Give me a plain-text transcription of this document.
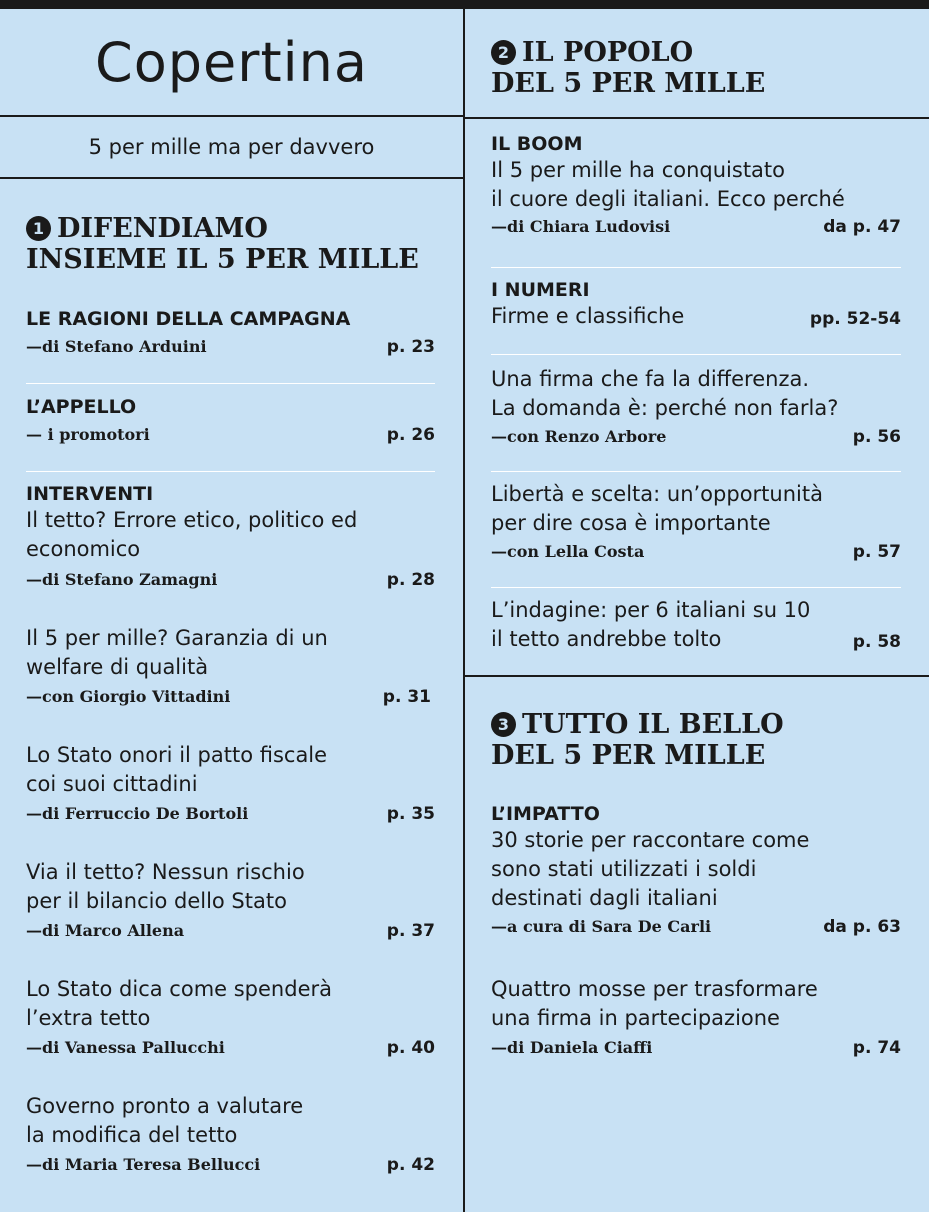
Copertina
5 per mille ma per davvero
1 DIFENDIAMO
INSIEME IL 5 PER MILLE
LE RAGIONI DELLA CAMPAGNA
—di Stefano Arduini	p. 23
L’APPELLO
— i promotori	p. 26
INTERVENTI
Il tetto? Errore etico, politico ed
economico
—di Stefano Zamagni	p. 28
Il 5 per mille? Garanzia di un
welfare di qualità
—con Giorgio Vittadini	p. 31
Lo Stato onori il patto fiscale
coi suoi cittadini
—di Ferruccio De Bortoli	p. 35
Via il tetto? Nessun rischio
per il bilancio dello Stato
—di Marco Allena	p. 37
Lo Stato dica come spenderà
l’extra tetto
—di Vanessa Pallucchi	p. 40
Governo pronto a valutare
la modifica del tetto
—di Maria Teresa Bellucci	p. 42
2 IL POPOLO
DEL 5 PER MILLE
IL BOOM
Il 5 per mille ha conquistato
il cuore degli italiani. Ecco perché
—di Chiara Ludovisi	da p. 47
I NUMERI
Firme e classifiche	pp. 52-54
Una firma che fa la differenza.
La domanda è: perché non farla?
—con Renzo Arbore	p. 56
Libertà e scelta: un’opportunità
per dire cosa è importante
—con Lella Costa	p. 57
L’indagine: per 6 italiani su 10
il tetto andrebbe tolto	p. 58
3 TUTTO IL BELLO
DEL 5 PER MILLE
L’IMPATTO
30 storie per raccontare come
sono stati utilizzati i soldi
destinati dagli italiani
—a cura di Sara De Carli	da p. 63
Quattro mosse per trasformare
una firma in partecipazione
—di Daniela Ciaffi	p. 74
